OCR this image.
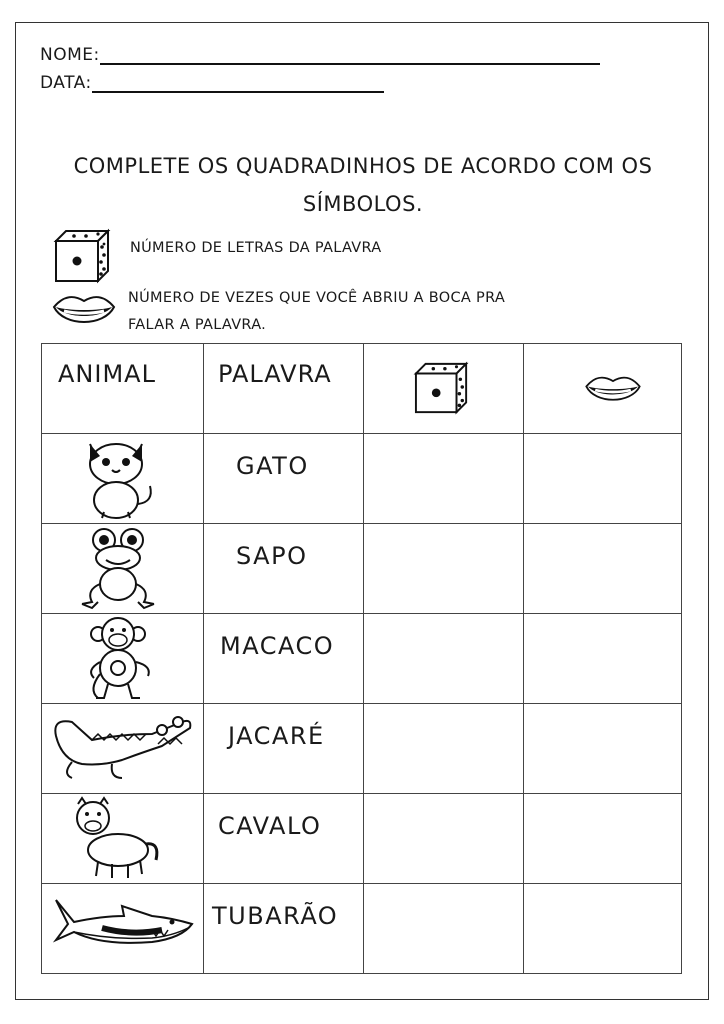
NOME:
DATA:
COMPLETE OS QUADRADINHOS DE ACORDO COM OS
SÍMBOLOS.
NÚMERO DE LETRAS DA PALAVRA
NÚMERO DE VEZES QUE VOCÊ ABRIU A BOCA PRA
FALAR A PALAVRA.
ANIMAL	PALAVRA

GATO		

SAPO		

MACACO		

JACARÉ		

CAVALO		

TUBARÃO		
